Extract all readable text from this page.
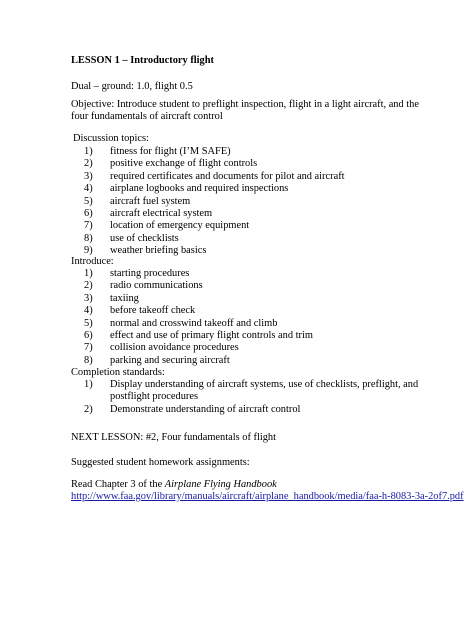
LESSON 1 – Introductory flight
Dual – ground: 1.0, flight 0.5
Objective: Introduce student to preflight inspection, flight in a light aircraft, and the four fundamentals of aircraft control
Discussion topics:
1)	fitness for flight (I’M SAFE)
2)	positive exchange of flight controls
3)	required certificates and documents for pilot and aircraft
4)	airplane logbooks and required inspections
5)	aircraft fuel system
6)	aircraft electrical system
7)	location of emergency equipment
8)	use of checklists
9)	weather briefing basics
Introduce:
1)	starting procedures
2)	radio communications
3)	taxiing
4)	before takeoff check
5)	normal and crosswind takeoff and climb
6)	effect and use of primary flight controls and trim
7)	collision avoidance procedures
8)	parking and securing aircraft
Completion standards:
1)	Display understanding of aircraft systems, use of checklists, preflight, and postflight procedures
2)	Demonstrate understanding of aircraft control
NEXT LESSON: #2, Four fundamentals of flight
Suggested student homework assignments:
Read Chapter 3 of the Airplane Flying Handbook
http://www.faa.gov/library/manuals/aircraft/airplane_handbook/media/faa-h-8083-3a-2of7.pdf
